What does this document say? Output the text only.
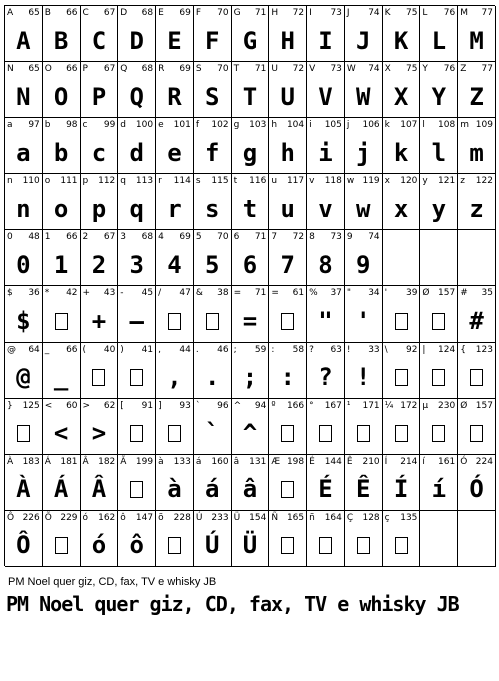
A 65
A
B 66
B
C 67
C
D 68
D
E 69
E
F 70
F
G 71
G
H 72
H
I 73
I
J 74
J
K 75
K
L 76
L
M 77
M
N 65
N
O 66
O
P 67
P
Q 68
Q
R 69
R
S 70
S
T 71
T
U 72
U
V 73
V
W 74
W
X 75
X
Y 76
Y
Z 77
Z
a 97
a
b 98
b
c 99
c
d 100
d
e 101
e
f 102
f
g 103
g
h 104
h
i 105
i
j 106
j
k 107
k
l 108
l
m 109
m
n 110
n
o 111
o
p 112
p
q 113
q
r 114
r
s 115
s
t 116
t
u 117
u
v 118
v
w 119
w
x 120
x
y 121
y
z 122
z
0 48
0
1 66
1
2 67
2
3 68
3
4 69
4
5 70
5
6 71
6
7 72
7
8 73
8
9 74
9
$ 36
$
* 42 + 43
+
- 45
–
/ 47 & 38 = 71
=
= 61 % 37
"
" 34
'
' 39 Ø 157 # 35
#
@ 64
@
_ 66
_
( 40 ) 41 , 44
,
. 46
.
; 59
;
: 58
:
? 63
?
! 33
!
\ 92 | 124 { 123
} 125 < 60
<
> 62
>
[ 91 ] 93 ` 96
`
^ 94
^
º 166 ° 167 ¹ 171 ¼ 172 µ 230 Ø 157
À 183
À
Á 181
Á
Â 182
Â
Ã 199 à 133
à
á 160
á
â 131
â
Æ 198 É 144
É
Ê 210
Ê
Í 214
Í
í 161
í
Ó 224
Ó
Ô 226
Ô
Õ 229 ó 162
ó
ô 147
ô
õ 228 Ú 233
Ú
Ü 154
Ü
Ñ 165 ñ 164 Ç 128 ç 135
PM Noel quer giz, CD, fax, TV e whisky JB
PM Noel quer giz, CD, fax, TV e whisky JB
